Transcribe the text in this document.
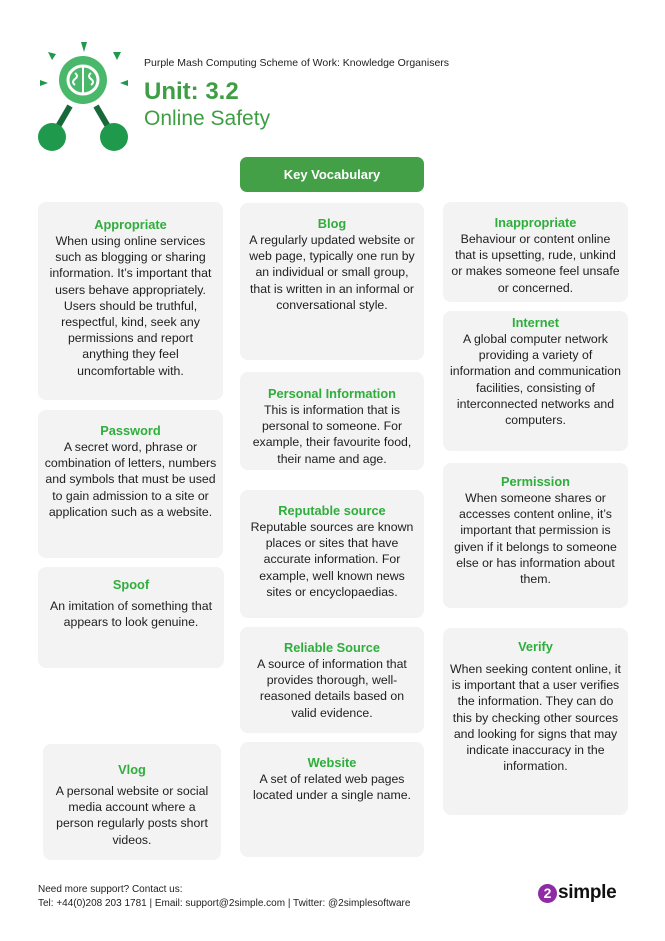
Purple Mash Computing Scheme of Work: Knowledge Organisers
Unit: 3.2
Online Safety
Key Vocabulary
Appropriate
When using online services such as blogging or sharing information. It’s important that users behave appropriately. Users should be truthful, respectful, kind, seek any permissions and report anything they feel uncomfortable with.
Password
A secret word, phrase or combination of letters, numbers and symbols that must be used to gain admission to a site or application such as a website.
Spoof
An imitation of something that appears to look genuine.
Vlog
A personal website or social media account where a person regularly posts short videos.
Blog
A regularly updated website or web page, typically one run by an individual or small group, that is written in an informal or conversational style.
Personal Information
This is information that is personal to someone. For example, their favourite food, their name and age.
Reputable source
Reputable sources are known places or sites that have accurate information. For example, well known news sites or encyclopaedias.
Reliable Source
A source of information that provides thorough, well-reasoned details based on valid evidence.
Website
A set of related web pages located under a single name.
Inappropriate
Behaviour or content online that is upsetting, rude, unkind or makes someone feel unsafe or concerned.
Internet
A global computer network providing a variety of information and communication facilities, consisting of interconnected networks and computers.
Permission
When someone shares or accesses content online, it’s important that permission is given if it belongs to someone else or has information about them.
Verify
When seeking content online, it is important that a user verifies the information. They can do this by checking other sources and looking for signs that may indicate inaccuracy in the information.
Need more support? Contact us:
Tel: +44(0)208 203 1781 | Email: support@2simple.com | Twitter: @2simplesoftware
2 simple
